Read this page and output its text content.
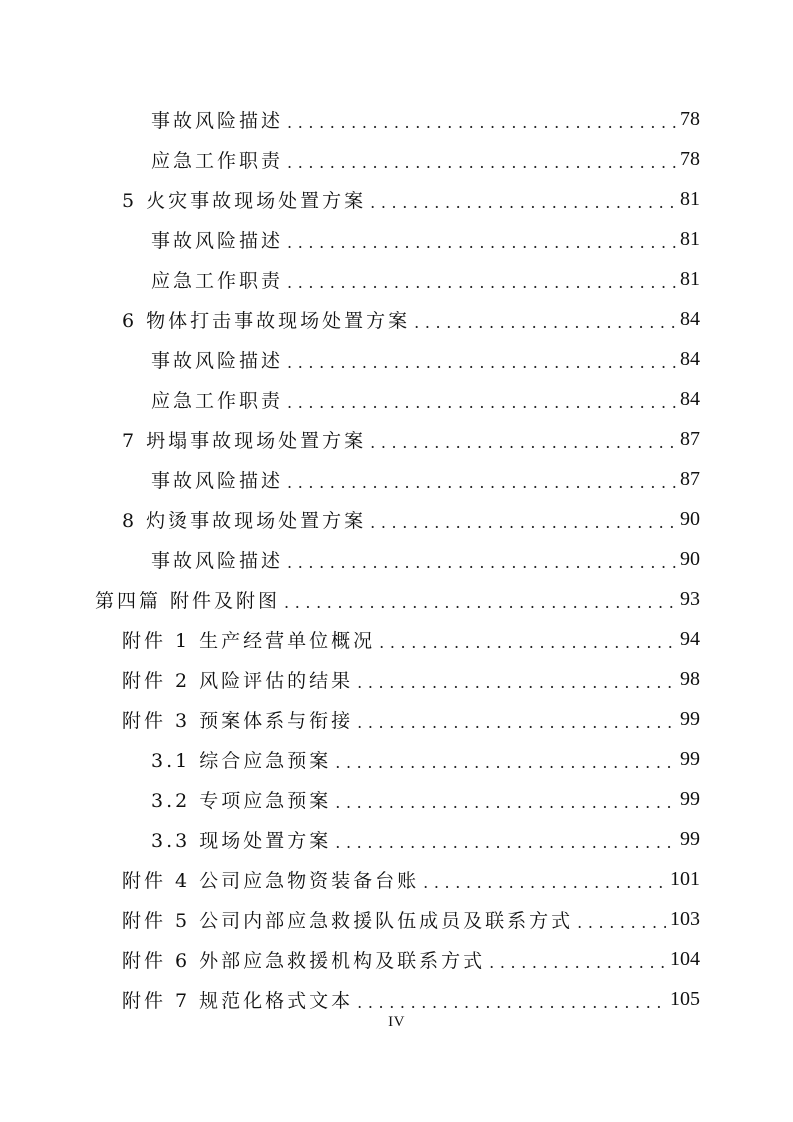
事故风险描述 .....	78
应急工作职责 .....	78
5 火灾事故现场处置方案 .....	81
事故风险描述 .....	81
应急工作职责 .....	81
6 物体打击事故现场处置方案 .....	84
事故风险描述 .....	84
应急工作职责 .....	84
7 坍塌事故现场处置方案 .....	87
事故风险描述 .....	87
8 灼烫事故现场处置方案 .....	90
事故风险描述 .....	90
第四篇 附件及附图 .....	93
附件 1 生产经营单位概况 .....	94
附件 2 风险评估的结果 .....	98
附件 3 预案体系与衔接 .....	99
3.1 综合应急预案 .....	99
3.2 专项应急预案 .....	99
3.3 现场处置方案 .....	99
附件 4 公司应急物资装备台账 .....	101
附件 5 公司内部应急救援队伍成员及联系方式 .....	103
附件 6 外部应急救援机构及联系方式 .....	104
附件 7 规范化格式文本 .....	105
IV
